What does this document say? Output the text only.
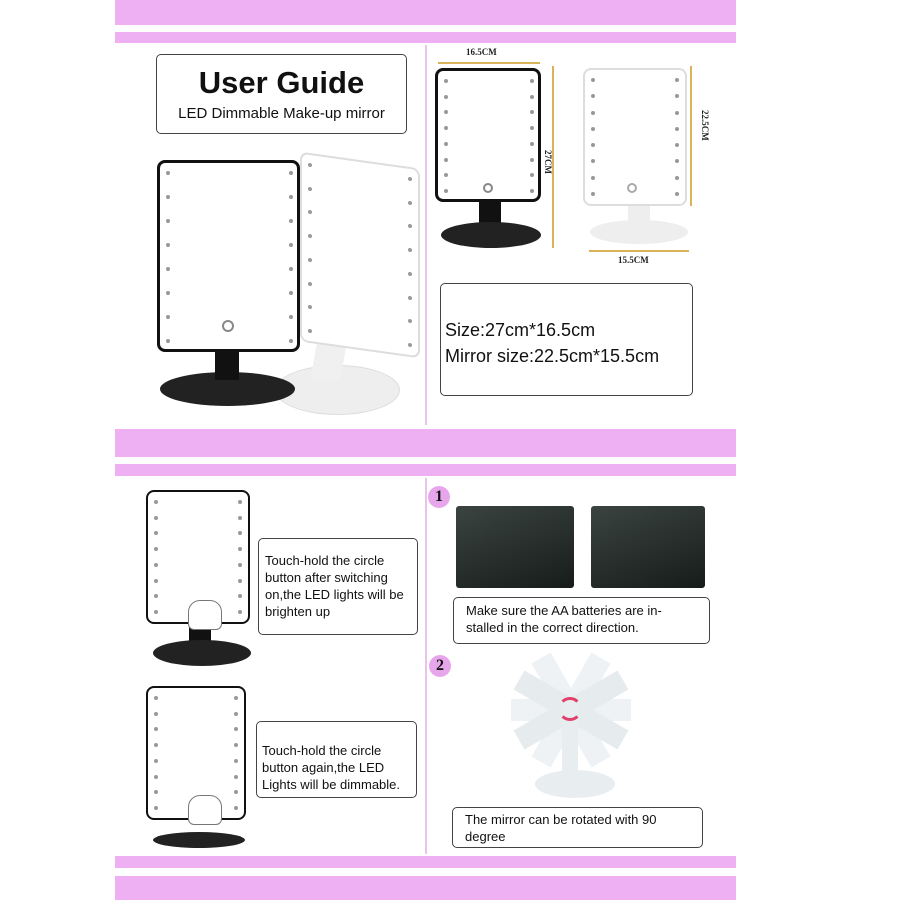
User Guide
LED Dimmable Make-up mirror
16.5CM
27CM
22.5CM
15.5CM
Size:27cm*16.5cm
Mirror size:22.5cm*15.5cm
Touch-hold the circle button after switching on,the LED lights will be brighten up
Touch-hold the circle button again,the LED Lights will be dimmable.
1
Make sure the AA batteries are in-stalled in the correct direction.
2
The mirror can be rotated with 90 degree
